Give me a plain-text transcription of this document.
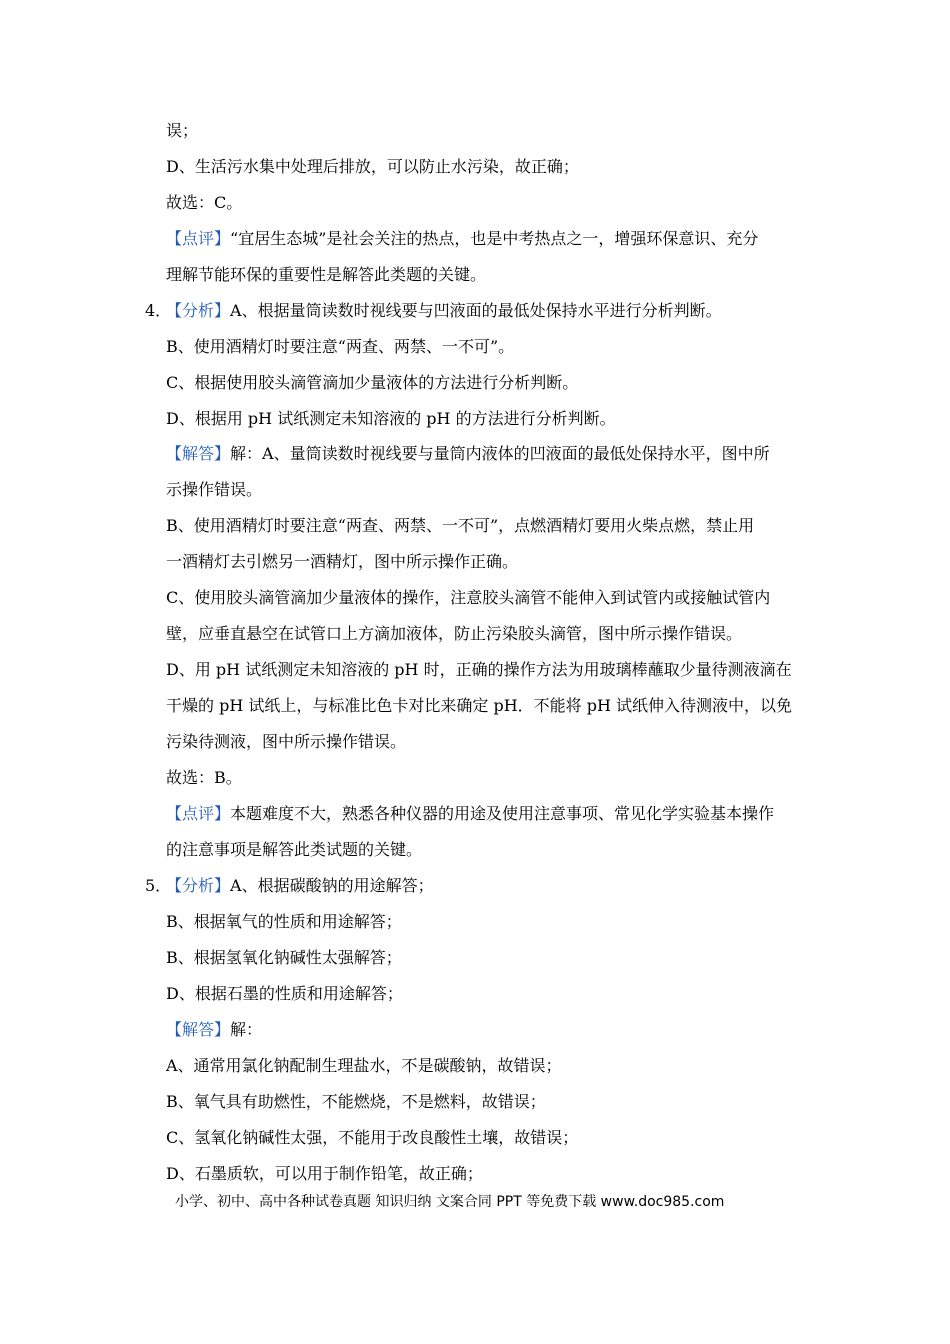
误；
D、生活污水集中处理后排放，可以防止水污染，故正确；
故选：C。
【点评】“宜居生态城”是社会关注的热点，也是中考热点之一，增强环保意识、充分
理解节能环保的重要性是解答此类题的关键。
4．
【分析】A、根据量筒读数时视线要与凹液面的最低处保持水平进行分析判断。
B、使用酒精灯时要注意“两查、两禁、一不可”。
C、根据使用胶头滴管滴加少量液体的方法进行分析判断。
D、根据用 pH 试纸测定未知溶液的 pH 的方法进行分析判断。
【解答】解：A、量筒读数时视线要与量筒内液体的凹液面的最低处保持水平，图中所
示操作错误。
B、使用酒精灯时要注意“两查、两禁、一不可”，点燃酒精灯要用火柴点燃，禁止用
一酒精灯去引燃另一酒精灯，图中所示操作正确。
C、使用胶头滴管滴加少量液体的操作，注意胶头滴管不能伸入到试管内或接触试管内
壁，应垂直悬空在试管口上方滴加液体，防止污染胶头滴管，图中所示操作错误。
D、用 pH 试纸测定未知溶液的 pH 时，正确的操作方法为用玻璃棒蘸取少量待测液滴在
干燥的 pH 试纸上，与标准比色卡对比来确定 pH．不能将 pH 试纸伸入待测液中，以免
污染待测液，图中所示操作错误。
故选：B。
【点评】本题难度不大，熟悉各种仪器的用途及使用注意事项、常见化学实验基本操作
的注意事项是解答此类试题的关键。
5．
【分析】A、根据碳酸钠的用途解答；
B、根据氧气的性质和用途解答；
B、根据氢氧化钠碱性太强解答；
D、根据石墨的性质和用途解答；
【解答】解：
A、通常用氯化钠配制生理盐水，不是碳酸钠，故错误；
B、氧气具有助燃性，不能燃烧，不是燃料，故错误；
C、氢氧化钠碱性太强，不能用于改良酸性土壤，故错误；
D、石墨质软，可以用于制作铅笔，故正确；
小学、初中、高中各种试卷真题 知识归纳 文案合同 PPT 等免费下载 www.doc985.com
